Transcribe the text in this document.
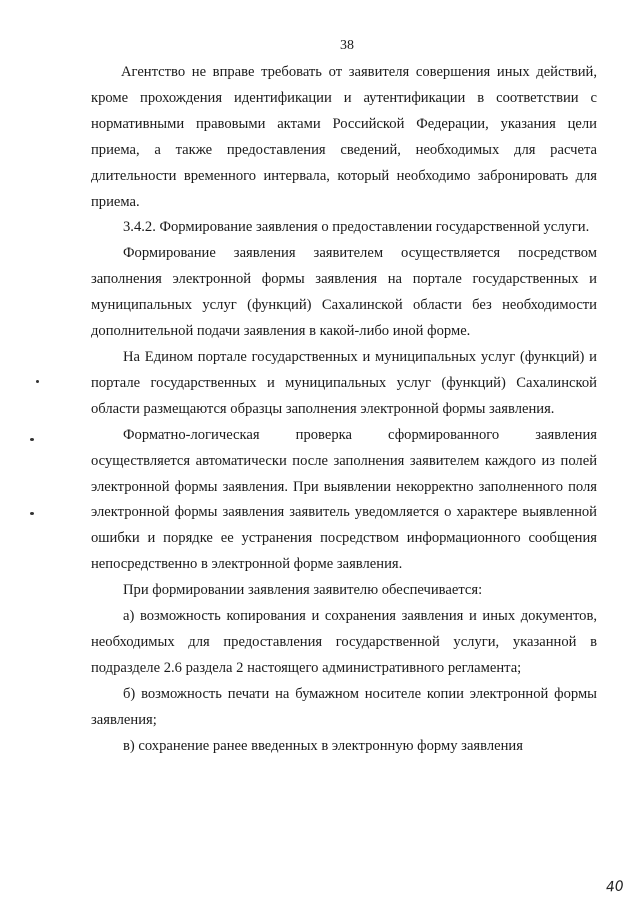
38

Агентство не вправе требовать от заявителя совершения иных действий, кроме прохождения идентификации и аутентификации в соответствии с нормативными правовыми актами Российской Федерации, указания цели приема, а также предоставления сведений, необходимых для расчета длительности временного интервала, который необходимо забронировать для приема.

3.4.2. Формирование заявления о предоставлении государственной услуги.

Формирование заявления заявителем осуществляется посредством заполнения электронной формы заявления на портале государственных и муниципальных услуг (функций) Сахалинской области без необходимости дополнительной подачи заявления в какой-либо иной форме.

На Едином портале государственных и муниципальных услуг (функций) и портале государственных и муниципальных услуг (функций) Сахалинской области размещаются образцы заполнения электронной формы заявления.

Форматно-логическая проверка сформированного заявления осуществляется автоматически после заполнения заявителем каждого из полей электронной формы заявления. При выявлении некорректно заполненного поля электронной формы заявления заявитель уведомляется о характере выявленной ошибки и порядке ее устранения посредством информационного сообщения непосредственно в электронной форме заявления.

При формировании заявления заявителю обеспечивается:

а) возможность копирования и сохранения заявления и иных документов, необходимых для предоставления государственной услуги, указанной в подразделе 2.6 раздела 2 настоящего административного регламента;

б) возможность печати на бумажном носителе копии электронной формы заявления;

в) сохранение ранее введенных в электронную форму заявления

40
